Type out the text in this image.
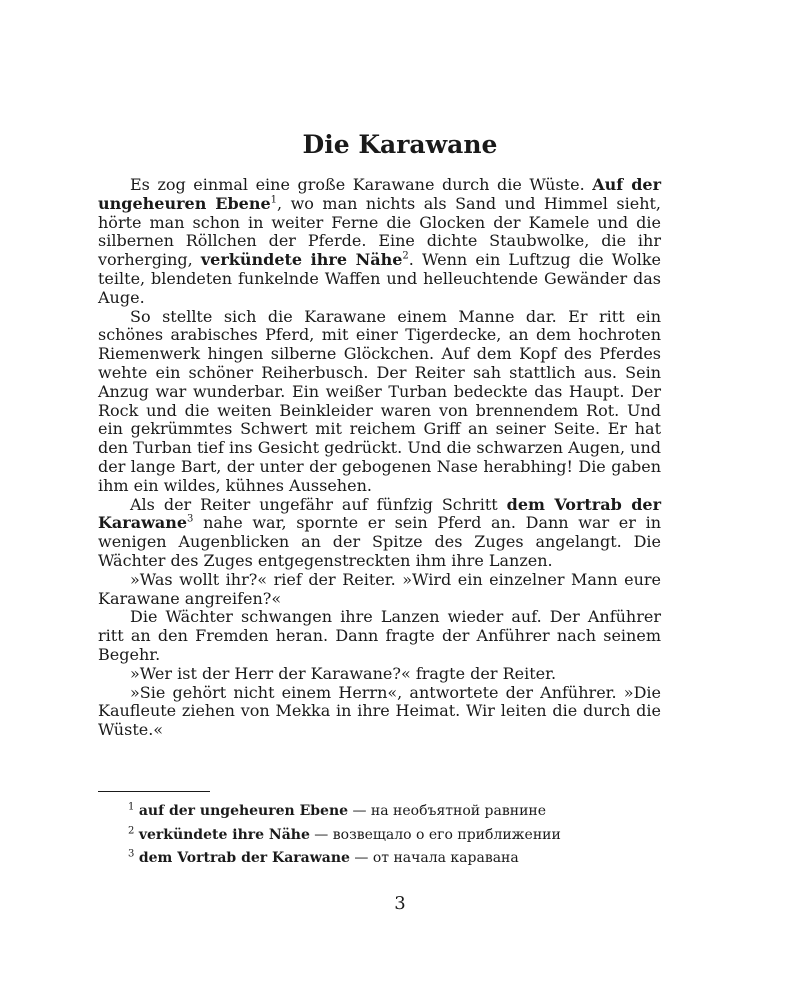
Die Karawane

Es zog einmal eine große Karawane durch die Wüste. Auf der ungeheuren Ebene$^1$, wo man nichts als Sand und Himmel sieht, hörte man schon in weiter Ferne die Glocken der Kamele und die silbernen Röllchen der Pferde. Eine dichte Staubwolke, die ihr vorherging, verkündete ihre Nähe$^2$. Wenn ein Luftzug die Wolke teilte, blendeten funkelnde Waffen und helleuchtende Gewänder das Auge.

So stellte sich die Karawane einem Manne dar. Er ritt ein schönes arabisches Pferd, mit einer Tigerdecke, an dem hochroten Riemenwerk hingen silberne Glöckchen. Auf dem Kopf des Pferdes wehte ein schöner Reiherbusch. Der Reiter sah stattlich aus. Sein Anzug war wunderbar. Ein weißer Turban bedeckte das Haupt. Der Rock und die weiten Beinkleider waren von brennendem Rot. Und ein gekrümmtes Schwert mit reichem Griff an seiner Seite. Er hat den Turban tief ins Gesicht gedrückt. Und die schwarzen Augen, und der lange Bart, der unter der gebogenen Nase herabhing! Die gaben ihm ein wildes, kühnes Aussehen.

Als der Reiter ungefähr auf fünfzig Schritt dem Vortrab der Karawane$^3$ nahe war, spornte er sein Pferd an. Dann war er in wenigen Augenblicken an der Spitze des Zuges angelangt. Die Wächter des Zuges entgegenstreckten ihm ihre Lanzen.

»Was wollt ihr?« rief der Reiter. »Wird ein einzelner Mann eure Karawane angreifen?«

Die Wächter schwangen ihre Lanzen wieder auf. Der Anführer ritt an den Fremden heran. Dann fragte der Anführer nach seinem Begehr.

»Wer ist der Herr der Karawane?« fragte der Reiter.

»Sie gehört nicht einem Herrn«, antwortete der Anführer. »Die Kaufleute ziehen von Mekka in ihre Heimat. Wir leiten die durch die Wüste.«

$^1$ auf der ungeheuren Ebene — на необъятной равнине

$^2$ verkündete ihre Nähe — возвещало о его приближении

$^3$ dem Vortrab der Karawane — от начала каравана

3
